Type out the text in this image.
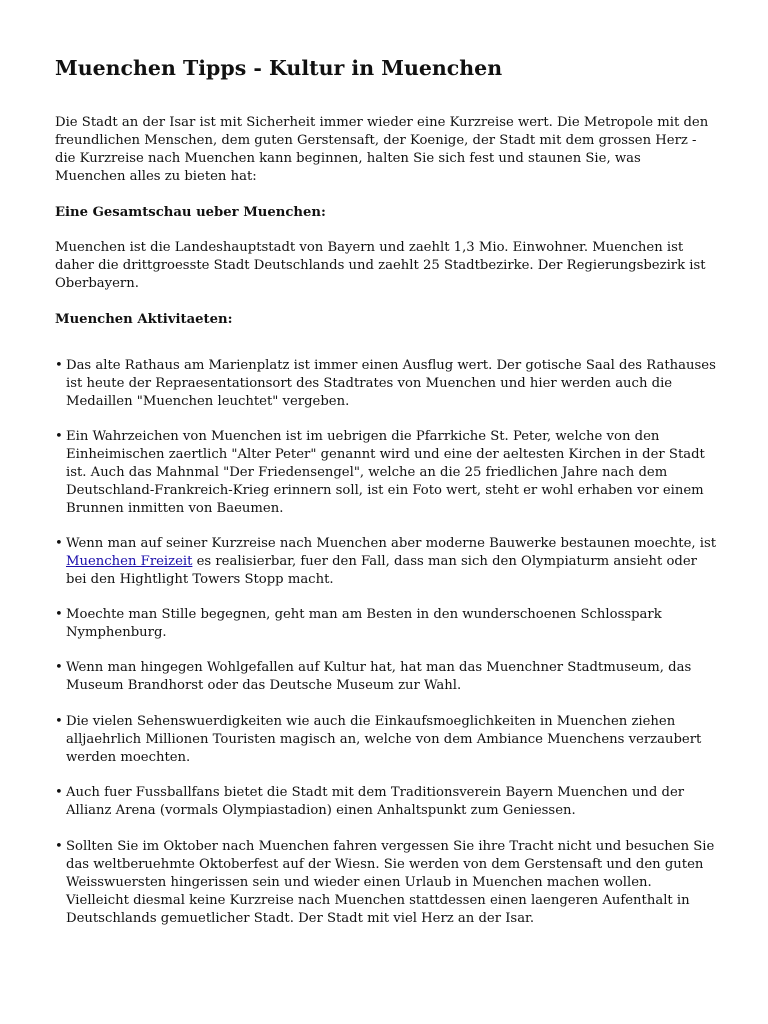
Muenchen Tipps - Kultur in Muenchen

Die Stadt an der Isar ist mit Sicherheit immer wieder eine Kurzreise wert. Die Metropole mit den freundlichen Menschen, dem guten Gerstensaft, der Koenige, der Stadt mit dem grossen Herz - die Kurzreise nach Muenchen kann beginnen, halten Sie sich fest und staunen Sie, was Muenchen alles zu bieten hat:

Eine Gesamtschau ueber Muenchen:

Muenchen ist die Landeshauptstadt von Bayern und zaehlt 1,3 Mio. Einwohner. Muenchen ist daher die drittgroesste Stadt Deutschlands und zaehlt 25 Stadtbezirke. Der Regierungsbezirk ist Oberbayern.

Muenchen Aktivitaeten:

• Das alte Rathaus am Marienplatz ist immer einen Ausflug wert. Der gotische Saal des Rathauses ist heute der Repraesentationsort des Stadtrates von Muenchen und hier werden auch die Medaillen "Muenchen leuchtet" vergeben.
• Ein Wahrzeichen von Muenchen ist im uebrigen die Pfarrkiche St. Peter, welche von den Einheimischen zaertlich "Alter Peter" genannt wird und eine der aeltesten Kirchen in der Stadt ist. Auch das Mahnmal "Der Friedensengel", welche an die 25 friedlichen Jahre nach dem Deutschland-Frankreich-Krieg erinnern soll, ist ein Foto wert, steht er wohl erhaben vor einem Brunnen inmitten von Baeumen.
• Wenn man auf seiner Kurzreise nach Muenchen aber moderne Bauwerke bestaunen moechte, ist Muenchen Freizeit es realisierbar, fuer den Fall, dass man sich den Olympiaturm ansieht oder bei den Hightlight Towers Stopp macht.
• Moechte man Stille begegnen, geht man am Besten in den wunderschoenen Schlosspark Nymphenburg.
• Wenn man hingegen Wohlgefallen auf Kultur hat, hat man das Muenchner Stadtmuseum, das Museum Brandhorst oder das Deutsche Museum zur Wahl.
• Die vielen Sehenswuerdigkeiten wie auch die Einkaufsmoeglichkeiten in Muenchen ziehen alljaehrlich Millionen Touristen magisch an, welche von dem Ambiance Muenchens verzaubert werden moechten.
• Auch fuer Fussballfans bietet die Stadt mit dem Traditionsverein Bayern Muenchen und der Allianz Arena (vormals Olympiastadion) einen Anhaltspunkt zum Geniessen.
• Sollten Sie im Oktober nach Muenchen fahren vergessen Sie ihre Tracht nicht und besuchen Sie das weltberuehmte Oktoberfest auf der Wiesn. Sie werden von dem Gerstensaft und den guten Weisswuersten hingerissen sein und wieder einen Urlaub in Muenchen machen wollen. Vielleicht diesmal keine Kurzreise nach Muenchen stattdessen einen laengeren Aufenthalt in Deutschlands gemuetlicher Stadt. Der Stadt mit viel Herz an der Isar.
